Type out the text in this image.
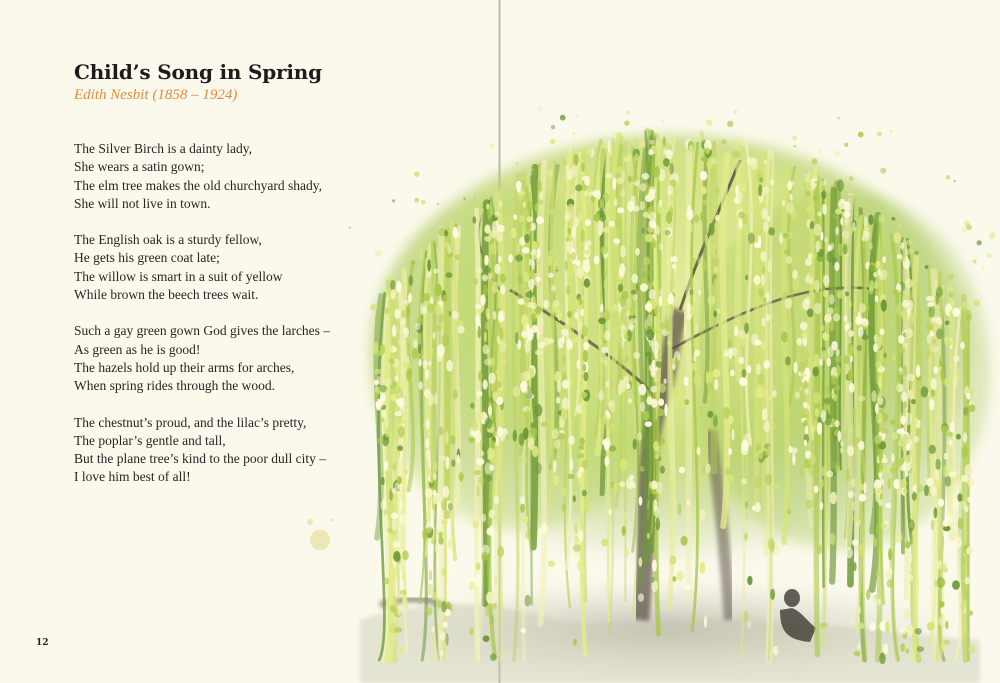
Child’s Song in Spring
Edith Nesbit (1858 – 1924)
The Silver Birch is a dainty lady,
She wears a satin gown;
The elm tree makes the old churchyard shady,
She will not live in town.
The English oak is a sturdy fellow,
He gets his green coat late;
The willow is smart in a suit of yellow
While brown the beech trees wait.
Such a gay green gown God gives the larches –
As green as he is good!
The hazels hold up their arms for arches,
When spring rides through the wood.
The chestnut’s proud, and the lilac’s pretty,
The poplar’s gentle and tall,
But the plane tree’s kind to the poor dull city –
I love him best of all!
12
